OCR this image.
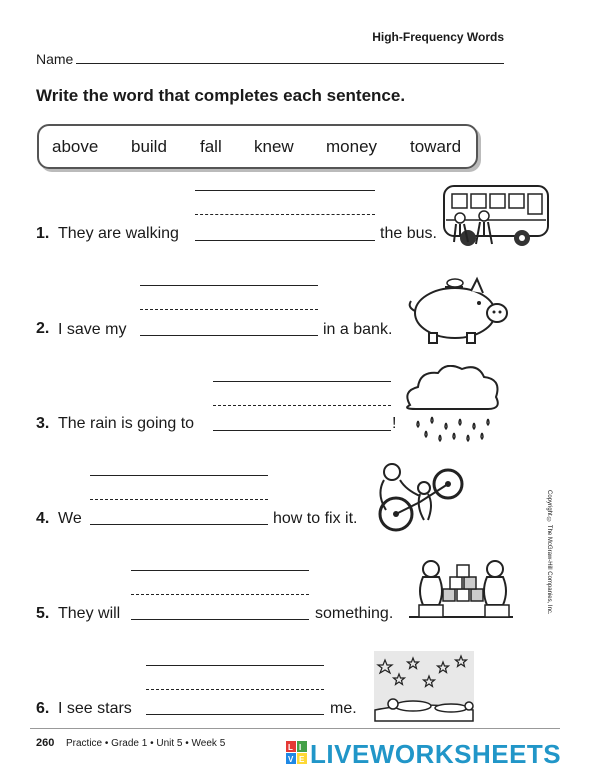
High-Frequency Words
Name
Write the word that completes each sentence.
above build fall knew money toward
1. They are walking	the bus.
2. I save my	in a bank.
3. The rain is going to	!
4. We	how to fix it.
5. They will	something.
6. I see stars	me.
Copyright © The McGraw-Hill Companies, Inc.
260 Practice • Grade 1 • Unit 5 • Week 5	L I
V E LIVEWORKSHEETS
